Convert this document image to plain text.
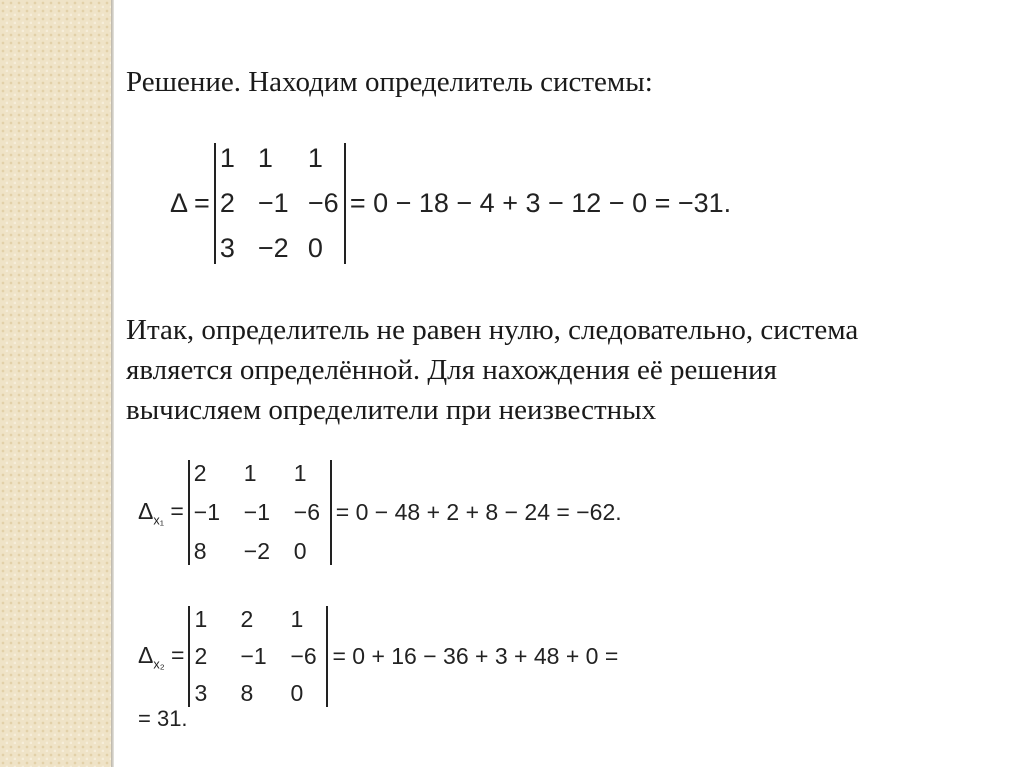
Решение. Находим определитель системы:
Δ =
1 1	1
2 −1 −6
3 −2 0
= 0 − 18 − 4 + 3 − 12 − 0 = −31.
Итак, определитель не равен нулю, следовательно, система
является определённой. Для нахождения её решения
вычисляем определители при неизвестных
$\Delta_{x_1}$ =
2	1	1
−1	−1	−6
8	−2	0
= 0 − 48 + 2 + 8 − 24 = −62.
$\Delta_{x_2}$ =
1	2	1
2	−1	−6
3	8	0
= 0 + 16 − 36 + 3 + 48 + 0 =
= 31.
